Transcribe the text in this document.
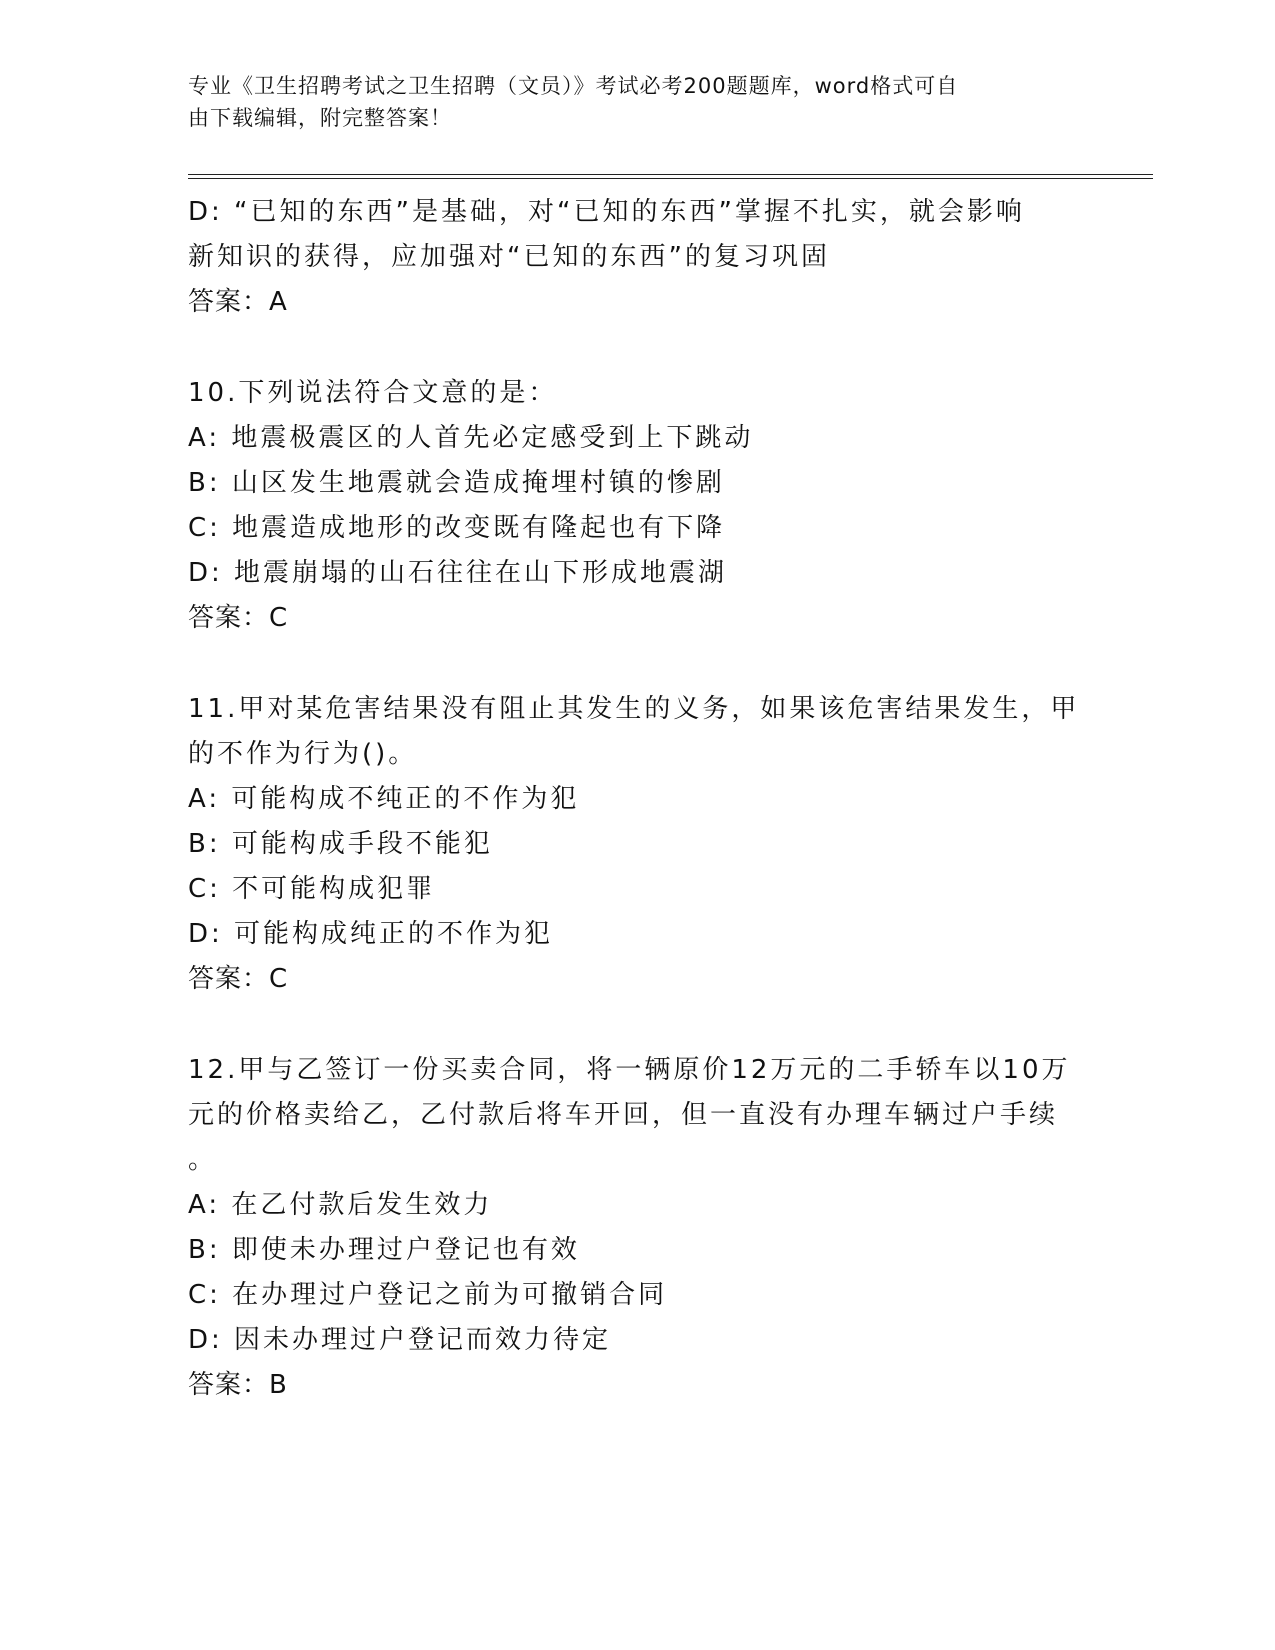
专业《卫生招聘考试之卫生招聘（文员）》考试必考200题题库，word格式可自
由下载编辑，附完整答案！
D: “已知的东西”是基础，对“已知的东西”掌握不扎实，就会影响
新知识的获得，应加强对“已知的东西”的复习巩固
答案：A
10.下列说法符合文意的是：
A: 地震极震区的人首先必定感受到上下跳动
B: 山区发生地震就会造成掩埋村镇的惨剧
C: 地震造成地形的改变既有隆起也有下降
D: 地震崩塌的山石往往在山下形成地震湖
答案：C
11.甲对某危害结果没有阻止其发生的义务，如果该危害结果发生，甲
的不作为行为()。
A: 可能构成不纯正的不作为犯
B: 可能构成手段不能犯
C: 不可能构成犯罪
D: 可能构成纯正的不作为犯
答案：C
12.甲与乙签订一份买卖合同，将一辆原价12万元的二手轿车以10万
元的价格卖给乙，乙付款后将车开回，但一直没有办理车辆过户手续
。
A: 在乙付款后发生效力
B: 即使未办理过户登记也有效
C: 在办理过户登记之前为可撤销合同
D: 因未办理过户登记而效力待定
答案：B
